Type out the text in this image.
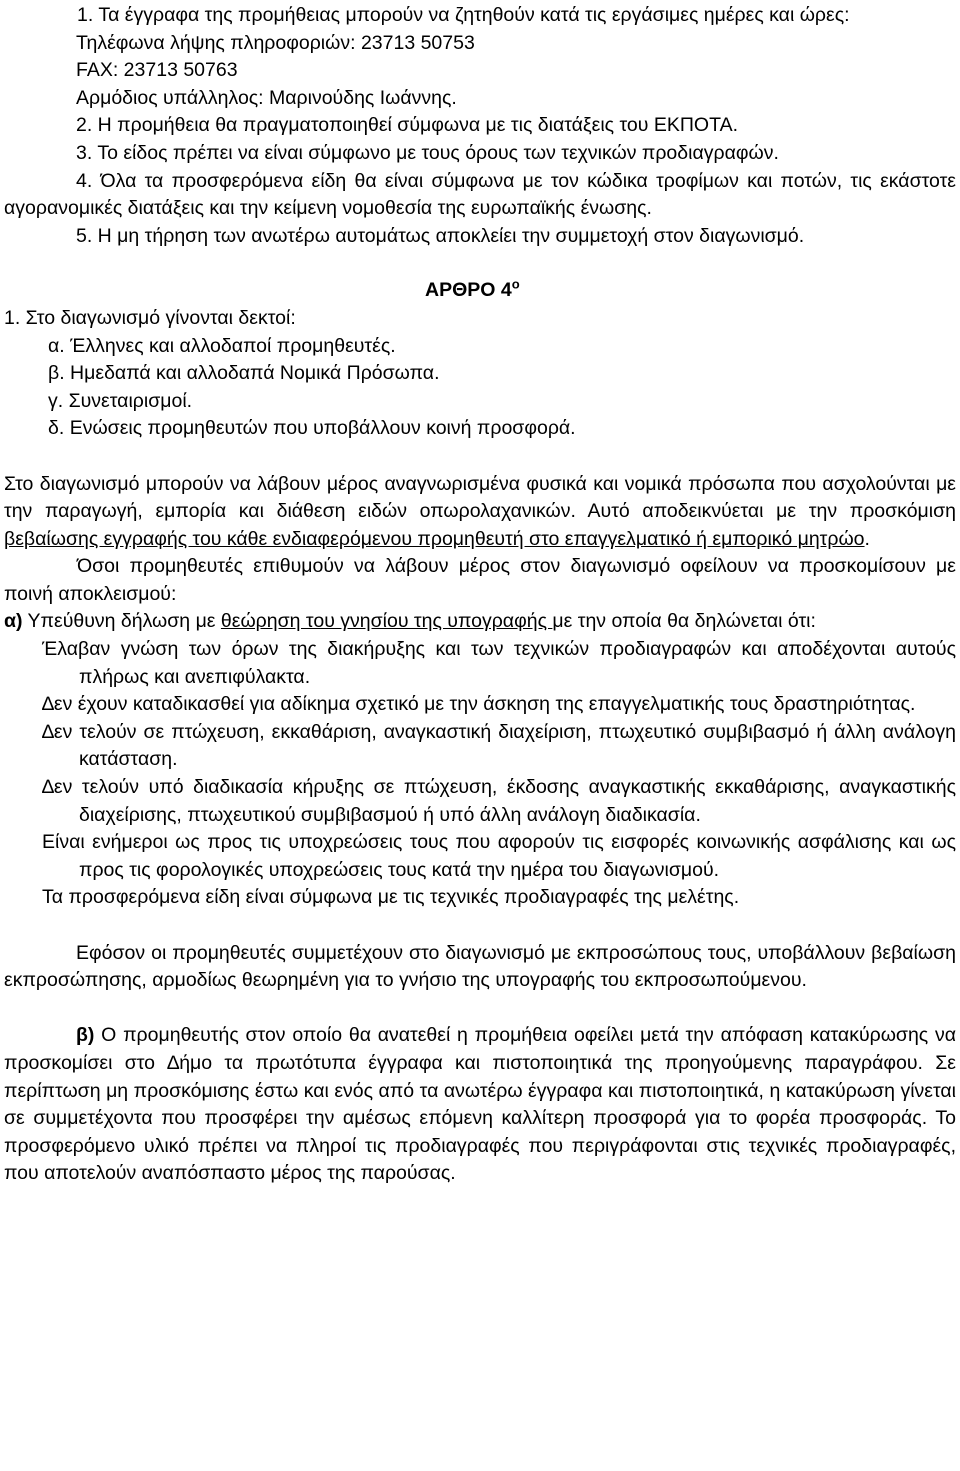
1. Τα έγγραφα της προμήθειας μπορούν να ζητηθούν κατά τις εργάσιμες ημέρες και ώρες:

Τηλέφωνα λήψης πληροφοριών: 23713 50753

FAX: 23713 50763

Αρμόδιος υπάλληλος: Μαρινούδης Ιωάννης.

2. Η προμήθεια θα πραγματοποιηθεί σύμφωνα με τις διατάξεις του ΕΚΠΟΤΑ.

3. Το είδος πρέπει να είναι σύμφωνο με τους όρους των τεχνικών προδιαγραφών.

4. Όλα τα προσφερόμενα είδη θα είναι σύμφωνα με τον κώδικα τροφίμων και ποτών, τις εκάστοτε αγορανομικές διατάξεις και την κείμενη νομοθεσία της ευρωπαϊκής ένωσης.

5. Η μη τήρηση των ανωτέρω αυτομάτως αποκλείει την συμμετοχή στον διαγωνισμό.

ΑΡΘΡΟ $4^o$

1. Στο διαγωνισμό γίνονται δεκτοί:

α. Έλληνες και αλλοδαποί προμηθευτές.

β. Ημεδαπά και αλλοδαπά Νομικά Πρόσωπα.

γ. Συνεταιρισμοί.

δ. Ενώσεις προμηθευτών που υποβάλλουν κοινή προσφορά.

Στο διαγωνισμό μπορούν να λάβουν μέρος αναγνωρισμένα φυσικά και νομικά πρόσωπα που ασχολούνται με την παραγωγή, εμπορία και διάθεση ειδών οπωρολαχανικών. Αυτό αποδεικνύεται με την προσκόμιση βεβαίωσης εγγραφής του κάθε ενδιαφερόμενου προμηθευτή στο επαγγελματικό ή εμπορικό μητρώο.

Όσοι προμηθευτές επιθυμούν να λάβουν μέρος στον διαγωνισμό οφείλουν να προσκομίσουν με ποινή αποκλεισμού:

α) Υπεύθυνη δήλωση με θεώρηση του γνησίου της υπογραφής με την οποία θα δηλώνεται ότι:

Έλαβαν γνώση των όρων της διακήρυξης και των τεχνικών προδιαγραφών και αποδέχονται αυτούς πλήρως και ανεπιφύλακτα.

∆εν έχουν καταδικασθεί για αδίκημα σχετικό με την άσκηση της επαγγελματικής τους δραστηριότητας.

∆εν τελούν σε πτώχευση, εκκαθάριση, αναγκαστική διαχείριση, πτωχευτικό συμβιβασμό ή άλλη ανάλογη κατάσταση.

∆εν τελούν υπό διαδικασία κήρυξης σε πτώχευση, έκδοσης αναγκαστικής εκκαθάρισης, αναγκαστικής διαχείρισης, πτωχευτικού συμβιβασμού ή υπό άλλη ανάλογη διαδικασία.

Είναι ενήμεροι ως προς τις υποχρεώσεις τους που αφορούν τις εισφορές κοινωνικής ασφάλισης και ως προς τις φορολογικές υποχρεώσεις τους κατά την ημέρα του διαγωνισμού.

Τα προσφερόμενα είδη είναι σύμφωνα με τις τεχνικές προδιαγραφές της μελέτης.

Εφόσον οι προμηθευτές συμμετέχουν στο διαγωνισμό με εκπροσώπους τους, υποβάλλουν βεβαίωση εκπροσώπησης, αρμοδίως θεωρημένη για το γνήσιο της υπογραφής του εκπροσωπούμενου.

β) Ο προμηθευτής στον οποίο θα ανατεθεί η προμήθεια οφείλει μετά την απόφαση κατακύρωσης να προσκομίσει στο ∆ήμο τα πρωτότυπα έγγραφα και πιστοποιητικά της προηγούμενης παραγράφου. Σε περίπτωση μη προσκόμισης έστω και ενός από τα ανωτέρω έγγραφα και πιστοποιητικά, η κατακύρωση γίνεται σε συμμετέχοντα που προσφέρει την αμέσως επόμενη καλλίτερη προσφορά για το φορέα προσφοράς. Το προσφερόμενο υλικό πρέπει να πληροί τις προδιαγραφές που περιγράφονται στις τεχνικές προδιαγραφές, που αποτελούν αναπόσπαστο μέρος της παρούσας.
